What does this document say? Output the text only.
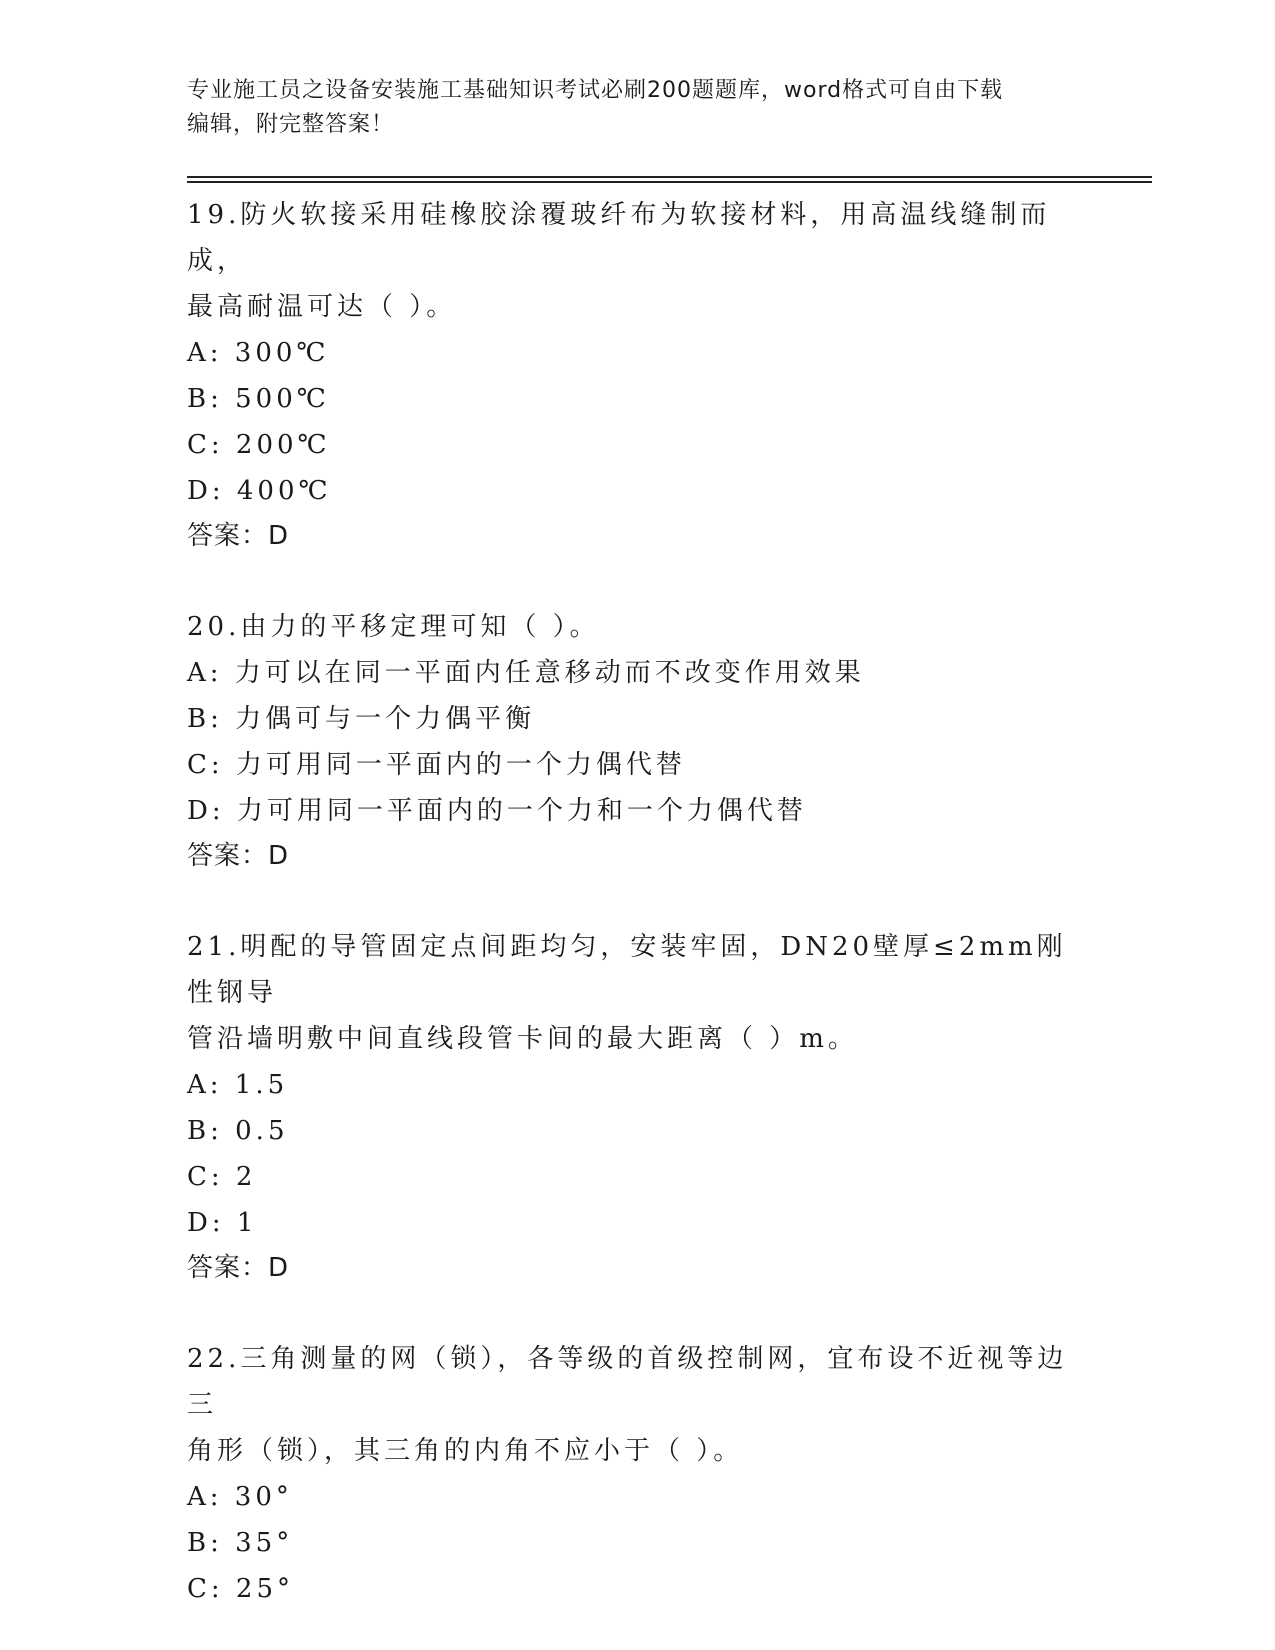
专业施工员之设备安装施工基础知识考试必刷200题题库，word格式可自由下载
编辑，附完整答案！
19.防火软接采用硅橡胶涂覆玻纤布为软接材料，用高温线缝制而成，
最高耐温可达（ ）。
A: 300℃
B: 500℃
C: 200℃
D: 400℃
答案：D
20.由力的平移定理可知（ ）。
A: 力可以在同一平面内任意移动而不改变作用效果
B: 力偶可与一个力偶平衡
C: 力可用同一平面内的一个力偶代替
D: 力可用同一平面内的一个力和一个力偶代替
答案：D
21.明配的导管固定点间距均匀，安装牢固，DN20壁厚≤2mm刚性钢导
管沿墙明敷中间直线段管卡间的最大距离（ ）m。
A: 1.5
B: 0.5
C: 2
D: 1
答案：D
22.三角测量的网（锁），各等级的首级控制网，宜布设不近视等边三
角形（锁），其三角的内角不应小于（ ）。
A: 30°
B: 35°
C: 25°
